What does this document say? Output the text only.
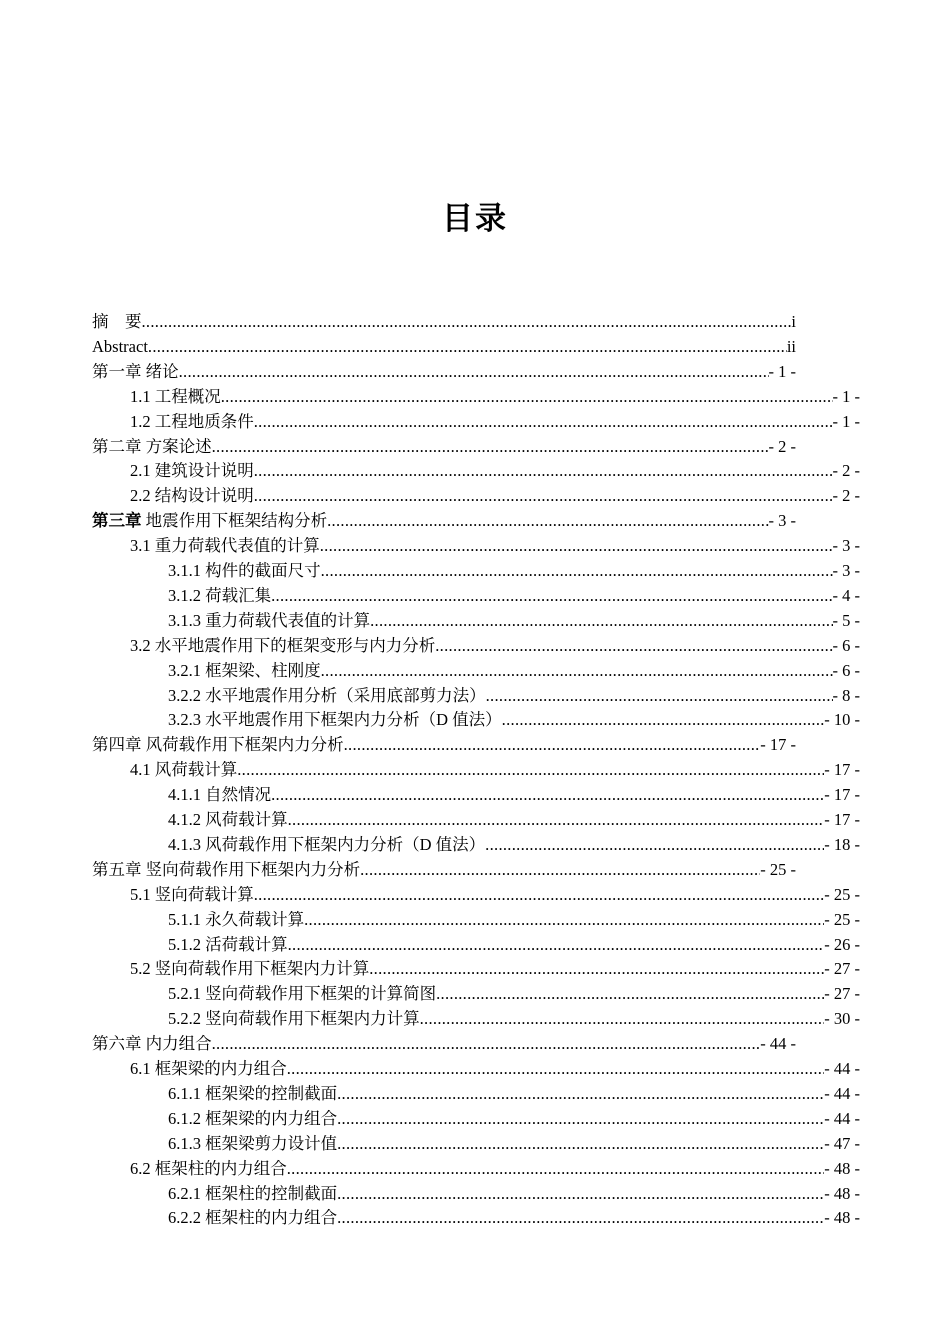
目录
摘　要 .....	i
Abstract .....	ii
第一章 绪论 .....	- 1 -
1.1 工程概况 .....	- 1 -
1.2 工程地质条件 .....	- 1 -
第二章 方案论述 .....	- 2 -
2.1 建筑设计说明 .....	- 2 -
2.2 结构设计说明 .....	- 2 -
第三章 地震作用下框架结构分析 .....	- 3 -
3.1 重力荷载代表值的计算 .....	- 3 -
3.1.1 构件的截面尺寸 .....	- 3 -
3.1.2 荷载汇集 .....	- 4 -
3.1.3 重力荷载代表值的计算 .....	- 5 -
3.2 水平地震作用下的框架变形与内力分析 .....	- 6 -
3.2.1 框架梁、柱刚度 .....	- 6 -
3.2.2 水平地震作用分析（采用底部剪力法） .....	- 8 -
3.2.3 水平地震作用下框架内力分析（D 值法） .....	- 10 -
第四章 风荷载作用下框架内力分析 .....	- 17 -
4.1 风荷载计算 .....	- 17 -
4.1.1 自然情况 .....	- 17 -
4.1.2 风荷载计算 .....	- 17 -
4.1.3 风荷载作用下框架内力分析（D 值法） .....	- 18 -
第五章 竖向荷载作用下框架内力分析 .....	- 25 -
5.1 竖向荷载计算 .....	- 25 -
5.1.1 永久荷载计算 .....	- 25 -
5.1.2 活荷载计算 .....	- 26 -
5.2 竖向荷载作用下框架内力计算 .....	- 27 -
5.2.1 竖向荷载作用下框架的计算简图 .....	- 27 -
5.2.2 竖向荷载作用下框架内力计算 .....	- 30 -
第六章 内力组合 .....	- 44 -
6.1 框架梁的内力组合 .....	- 44 -
6.1.1 框架梁的控制截面 .....	- 44 -
6.1.2 框架梁的内力组合 .....	- 44 -
6.1.3 框架梁剪力设计值 .....	- 47 -
6.2 框架柱的内力组合 .....	- 48 -
6.2.1 框架柱的控制截面 .....	- 48 -
6.2.2 框架柱的内力组合 .....	- 48 -
